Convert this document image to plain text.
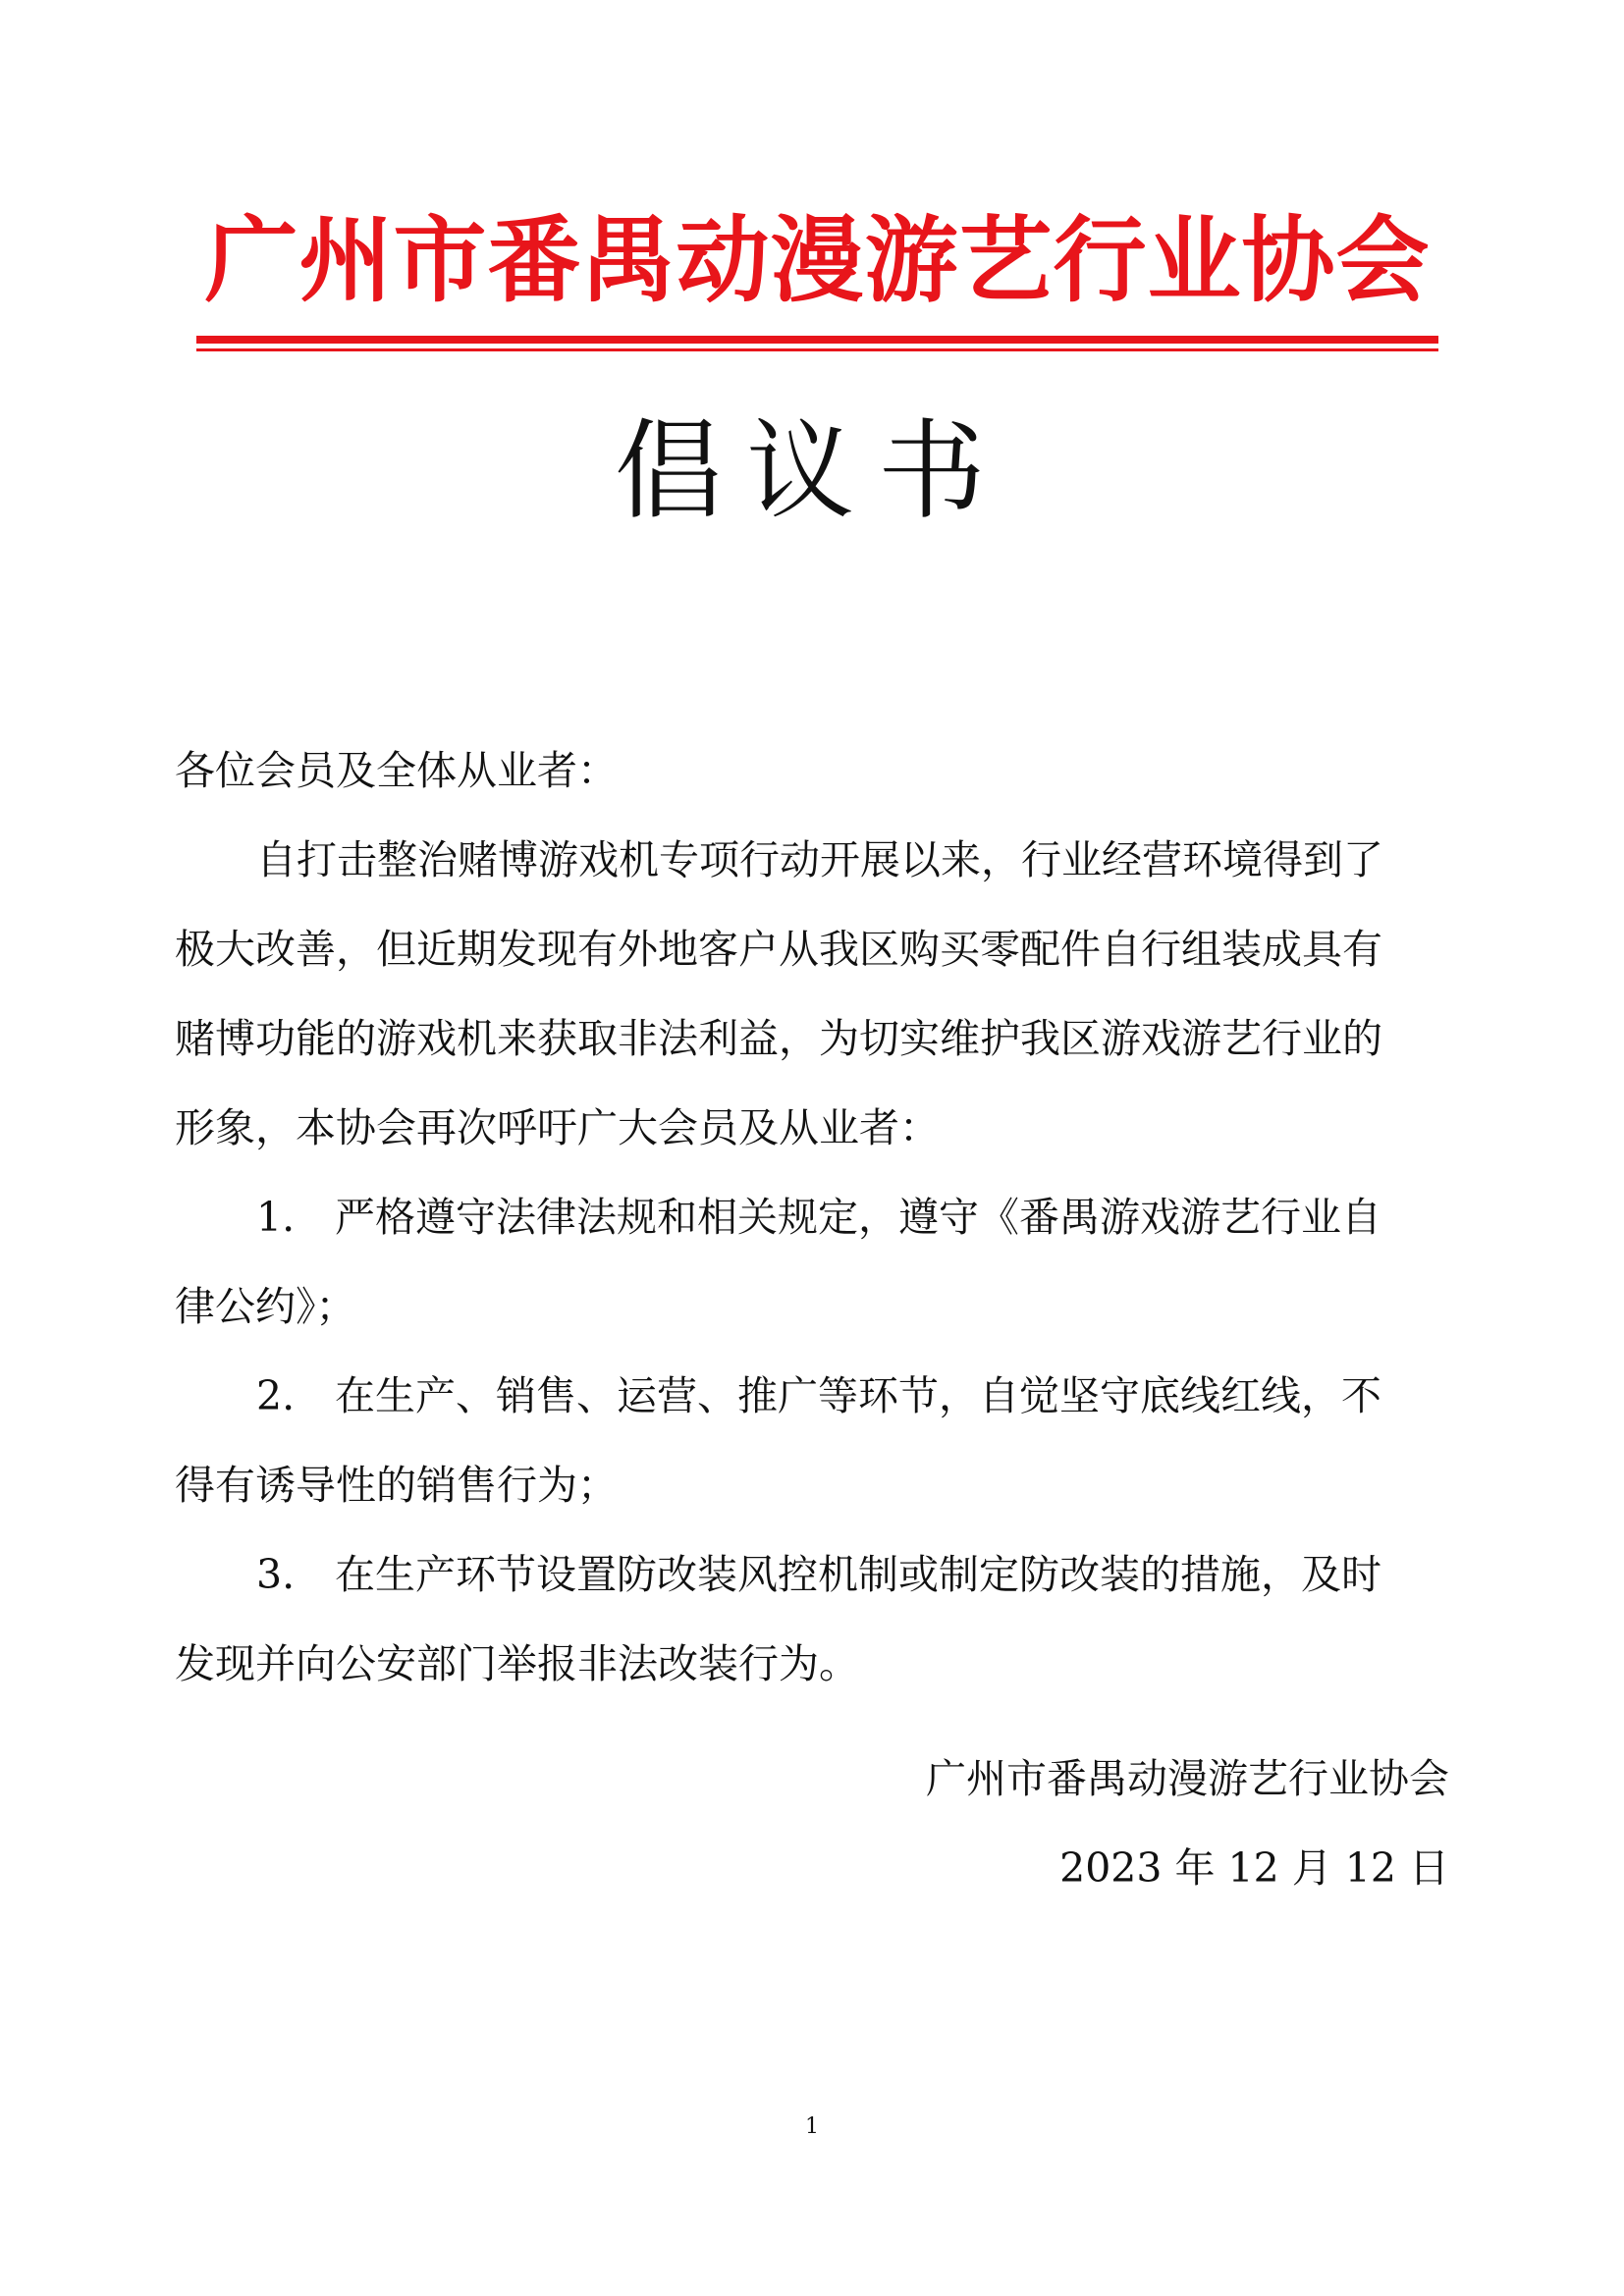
广州市番禺动漫游艺行业协会
倡议书
各位会员及全体从业者：
自打击整治赌博游戏机专项行动开展以来，行业经营环境得到了
极大改善，但近期发现有外地客户从我区购买零配件自行组装成具有
赌博功能的游戏机来获取非法利益，为切实维护我区游戏游艺行业的
形象，本协会再次呼吁广大会员及从业者：
1. 严格遵守法律法规和相关规定，遵守《番禺游戏游艺行业自
律公约》；
2. 在生产、销售、运营、推广等环节，自觉坚守底线红线，不
得有诱导性的销售行为；
3. 在生产环节设置防改装风控机制或制定防改装的措施，及时
发现并向公安部门举报非法改装行为。
广州市番禺动漫游艺行业协会
2023 年 12 月 12 日
1
